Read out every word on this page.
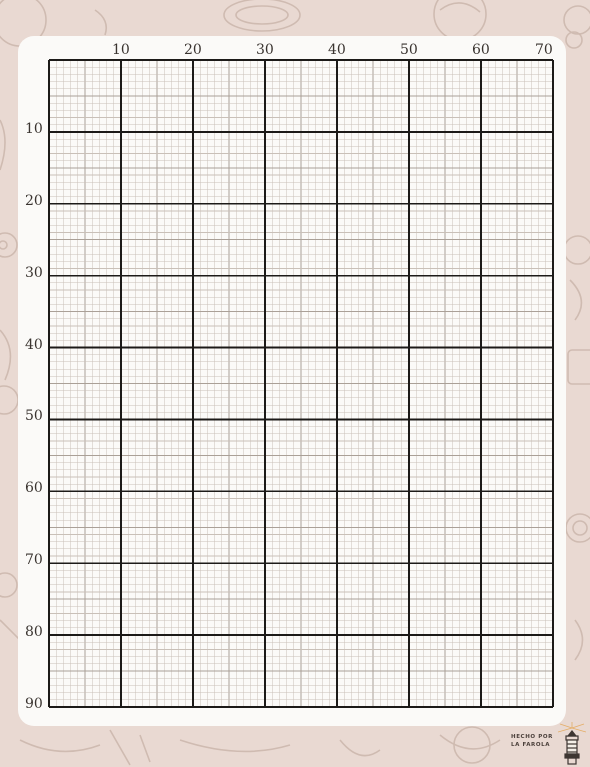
10	20	30	40	50	60	70
10
20
30
40
50
60
70
80
90
HECHO POR
LA FAROLA
